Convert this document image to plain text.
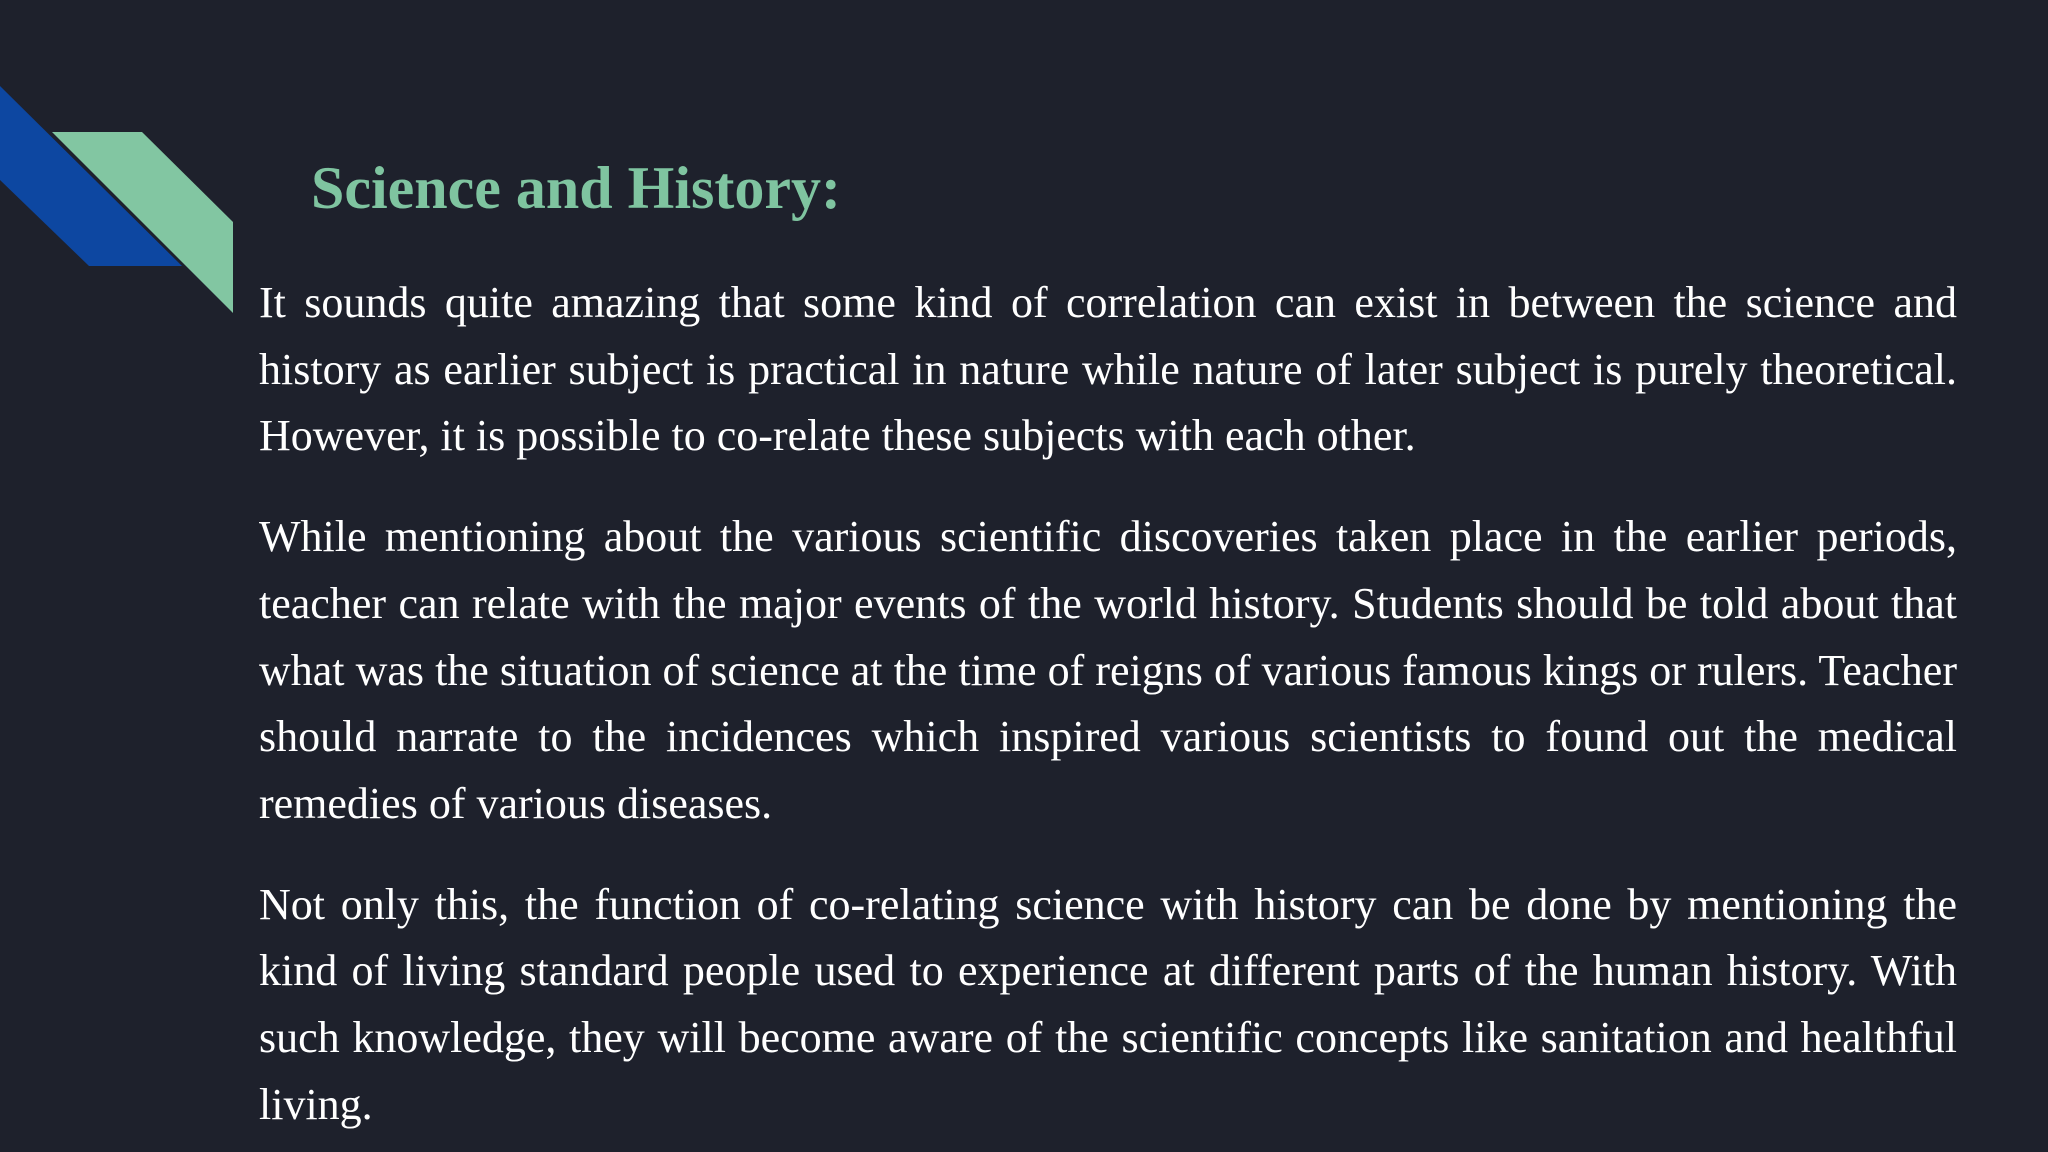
Science and History:

It sounds quite amazing that some kind of correlation can exist in between the science and history as earlier subject is practical in nature while nature of later subject is purely theoretical. However, it is possible to co-relate these subjects with each other.

While mentioning about the various scientific discoveries taken place in the earlier periods, teacher can relate with the major events of the world history. Students should be told about that what was the situation of science at the time of reigns of various famous kings or rulers. Teacher should narrate to the incidences which inspired various scientists to found out the medical remedies of various diseases.

Not only this, the function of co-relating science with history can be done by mentioning the kind of living standard people used to experience at different parts of the human history. With such knowledge, they will become aware of the scientific concepts like sanitation and healthful living.
